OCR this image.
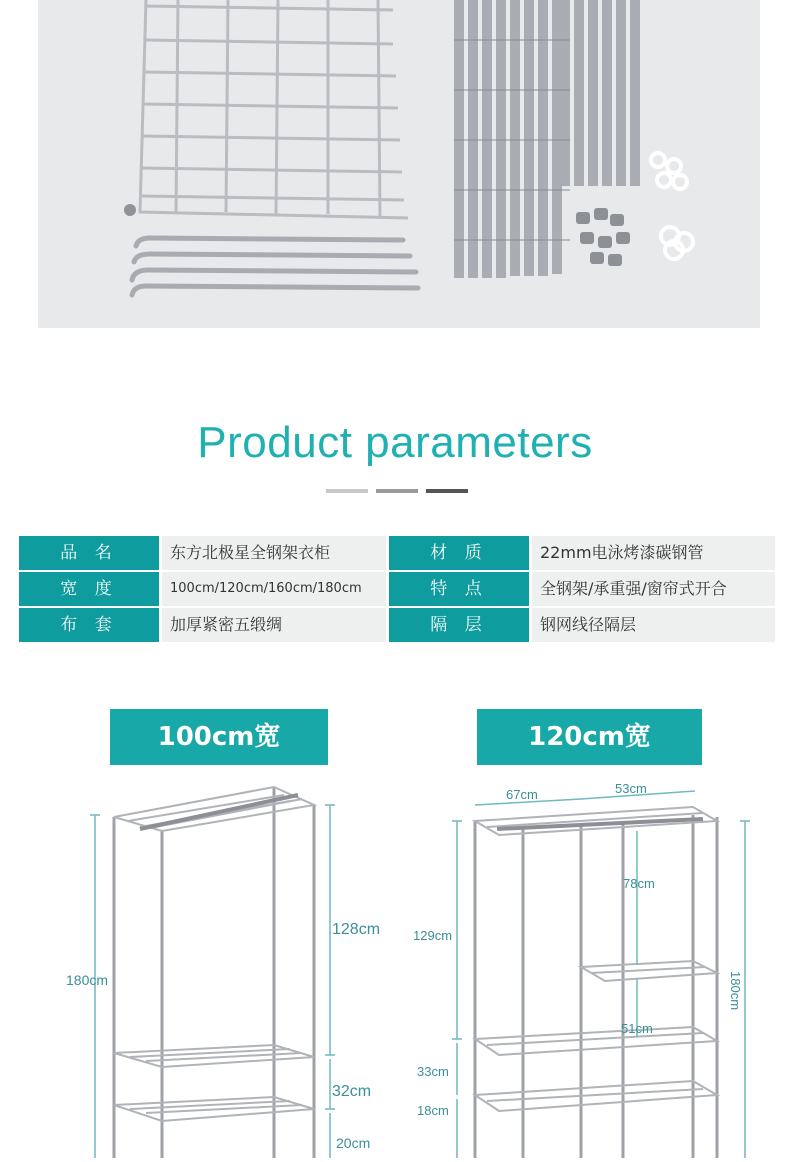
Product parameters
品 名	东方北极星全钢架衣柜	材 质	22mm电泳烤漆碳钢管
宽 度	100cm/120cm/160cm/180cm	特 点	全钢架/承重强/窗帘式开合
布 套	加厚紧密五缎绸	隔 层	钢网线径隔层
100cm宽	120cm宽
180cm
128cm
32cm
20cm
67cm	53cm
129cm
78cm
51cm
33cm
18cm
180cm
